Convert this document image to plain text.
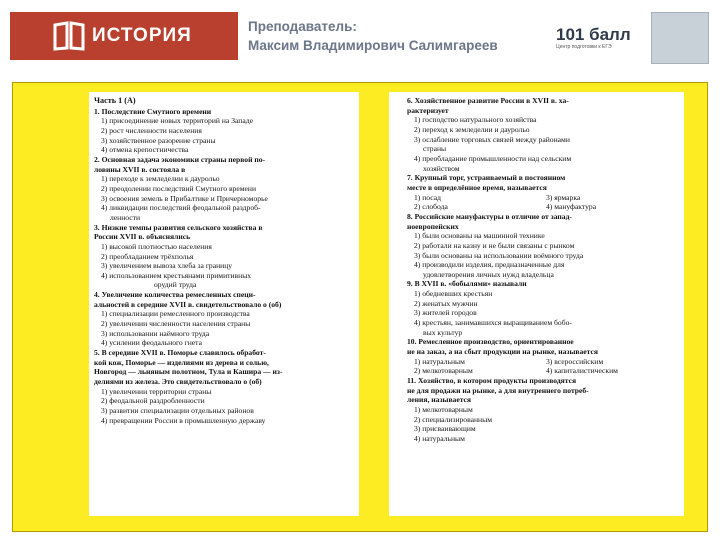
ИСТОРИЯ	Преподаватель:
Максим Владимирович Салимгареев
101 балл
Центр подготовки к ЕГЭ
Часть 1 (А)
1. Последствие Смутного времени
1) присоединение новых территорий на Западе
2) рост численности населения
3) хозяйственное разорение страны
4) отмена крепостничества
2. Основная задача экономики страны первой по-
ловины XVII в. состояла в
1) переходе к земледелии к даурольо
2) преодолении последствий Смутного времени
3) освоения земель в Прибалтике и Причерноморье
4) ликвидации последствий феодальной раздроб-
ленности
3. Низкие темпы развития сельского хозяйства в
России XVII в. объяснялись
1) высокой плотностью населения
2) преобладанием трёхполья
3) увеличением вывоза хлеба за границу
4) использованием крестьянами примитивных
орудий труда
4. Увеличение количества ремесленных специ-
альностей в середине XVII в. свидетельствовало о (об)
1) специализации ремесленного производства
2) увеличении численности населения страны
3) использовании наёмного труда
4) усилении феодального гнета
5. В середине XVII в. Поморье славилось обработ-
кой кож, Поморье — изделиями из дерева и солью,
Новгород — льняным полотном, Тула и Кашира — из-
делиями из железа. Это свидетельствовало о (об)
1) увеличении территории страны
2) феодальной раздробленности
3) развитии специализации отдельных районов
4) превращении России в промышленную державу
6. Хозяйственное развитие России в XVII в. ха-
рактеризует
1) господство натурального хозяйства
2) переход к земледелии и даурольо
3) ослабление торговых связей между районами
страны
4) преобладание промышленности над сельским
хозяйством
7. Крупный торг, устраиваемый в постоянном
месте в определённое время, называется
1) посад	3) ярмарка
2) слобода	4) мануфактура
8. Российские мануфактуры в отличие от запад-
ноевропейских
1) были основаны на машинной технике
2) работали на казну и не были связаны с рынком
3) были основаны на использовании воёмного труда
4) производили изделия, предназначенные для
удовлетворения личных нужд владельца
9. В XVII в. «бобылями» называли
1) обедневших крестьян
2) женатых мужчин
3) жителей городов
4) крестьян, занимавшихся выращиванием бобо-
вых культур
10. Ремесленное производство, ориентированное
не на заказ, а на сбыт продукции на рынке, называется
1) натуральным	3) всероссийским
2) мелкотоварным	4) капиталистическим
11. Хозяйство, в котором продукты производятся
не для продажи на рынке, а для внутреннего потреб-
ления, называется
1) мелкотоварным
2) специализированным
3) присваивающим
4) натуральным
